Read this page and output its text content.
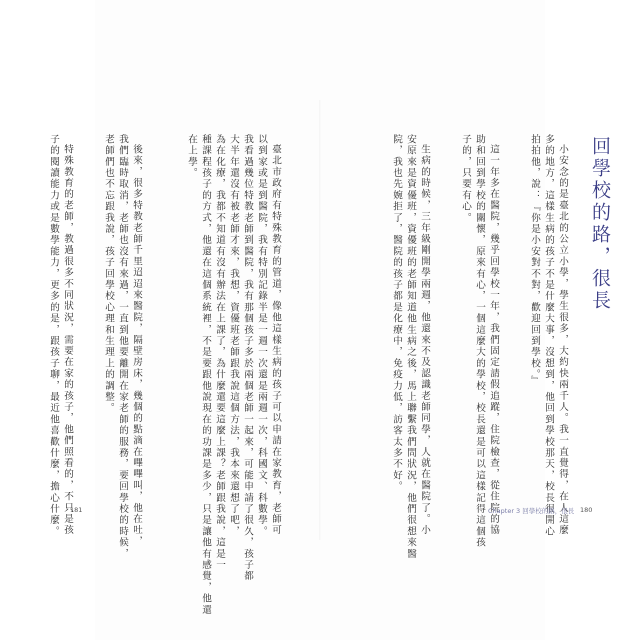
回學校的路，很長
小安念的是臺北的公立小學，學生很多，大約快兩千人。我一直覺得，在人這麼
多的地方，這樣生病的孩子不是什麼大事，沒想到，他回到學校那天，校長很開心
拍拍他，說：『你是小安對不對，歡迎回到學校。』
這一年多在醫院，幾乎回學校一年，我們固定請假追蹤，住院檢查，從住院的協
助和回到學校的關懷，原來有心，一個這麼大的學校，校長還是可以這樣記得這個孩
子的，只要有心。
生病的時候，三年級剛開學兩週，他還來不及認識老師同學，人就在醫院了。小
安原來是資優班，資優班的老師知道他生病之後，馬上聯繫我們問狀況，他們很想來醫
院，我也先婉拒了，醫院的孩子都是化療中，免疫力低，訪客太多不好。
Chapter 3 回學校的路，很長 180
臺北市政府有特殊教育的管道，像他這樣生病的孩子可以申請在家教育，老師可
以到家或是到醫院，我有特別記錄半是一週一次還是兩週一次，科國文、科數學。
我看過幾位特教老師到醫院，我有那個孩子多於兩個老師一起來，可能申請了很久，孩子都
大半年還沒有被老師才來，我想，資優班老師跟我說這個方法，我本來還想了吧，
為在化療，我都不知道有沒有辦法在上課了，為什麼還要這麼上課？老師跟我說，這是一
種課程孩子的方式，他還在這個系統裡，不是要跟他說現在的功課是多少，只是讓他有感覺，他還
在上學。
後來，很多特教老師千里迢迢來醫院，隔壁房床，幾個的點滴在嗶嗶叫，他在吐，
我們臨時取消，老師也沒有來過，一直到他要離開在家老師的服務，要回學校的時候，
老師們也不忘跟我說，孩子回學校心理和生理上的調整。
特殊教育的老師，教過很多不同狀況，需要在家的孩子，他們照看的，不只是孩
子的閱讀能力或是數學能力，更多的是，跟孩子聊，最近他喜歡什麼，擔心什麼。 181
